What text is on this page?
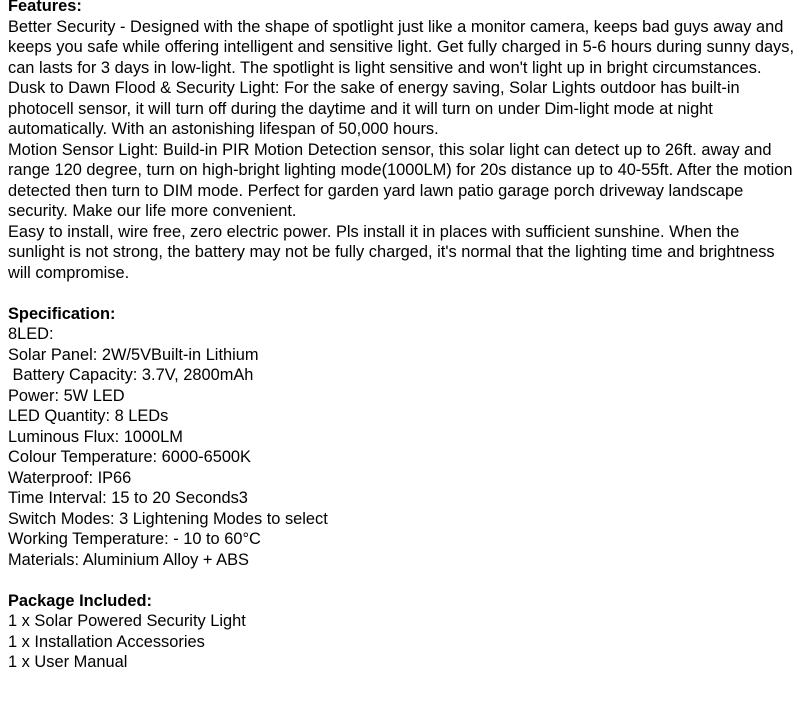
Features:
Better Security - Designed with the shape of spotlight just like a monitor camera, keeps bad guys away and keeps you safe while offering intelligent and sensitive light. Get fully charged in 5-6 hours during sunny days, can lasts for 3 days in low-light. The spotlight is light sensitive and won't light up in bright circumstances.
Dusk to Dawn Flood & Security Light: For the sake of energy saving, Solar Lights outdoor has built-in photocell sensor, it will turn off during the daytime and it will turn on under Dim-light mode at night automatically. With an astonishing lifespan of 50,000 hours.
Motion Sensor Light: Build-in PIR Motion Detection sensor, this solar light can detect up to 26ft. away and range 120 degree, turn on high-bright lighting mode(1000LM) for 20s distance up to 40-55ft. After the motion detected then turn to DIM mode. Perfect for garden yard lawn patio garage porch driveway landscape security. Make our life more convenient.
Easy to install, wire free, zero electric power. Pls install it in places with sufficient sunshine. When the sunlight is not strong, the battery may not be fully charged, it's normal that the lighting time and brightness will compromise.
Specification:
8LED:
Solar Panel: 2W/5VBuilt-in Lithium
Battery Capacity: 3.7V, 2800mAh
Power: 5W LED
LED Quantity: 8 LEDs
Luminous Flux: 1000LM
Colour Temperature: 6000-6500K
Waterproof: IP66
Time Interval: 15 to 20 Seconds3
Switch Modes: 3 Lightening Modes to select
Working Temperature: - 10 to 60°C
Materials: Aluminium Alloy + ABS
Package Included:
1 x Solar Powered Security Light
1 x Installation Accessories
1 x User Manual
